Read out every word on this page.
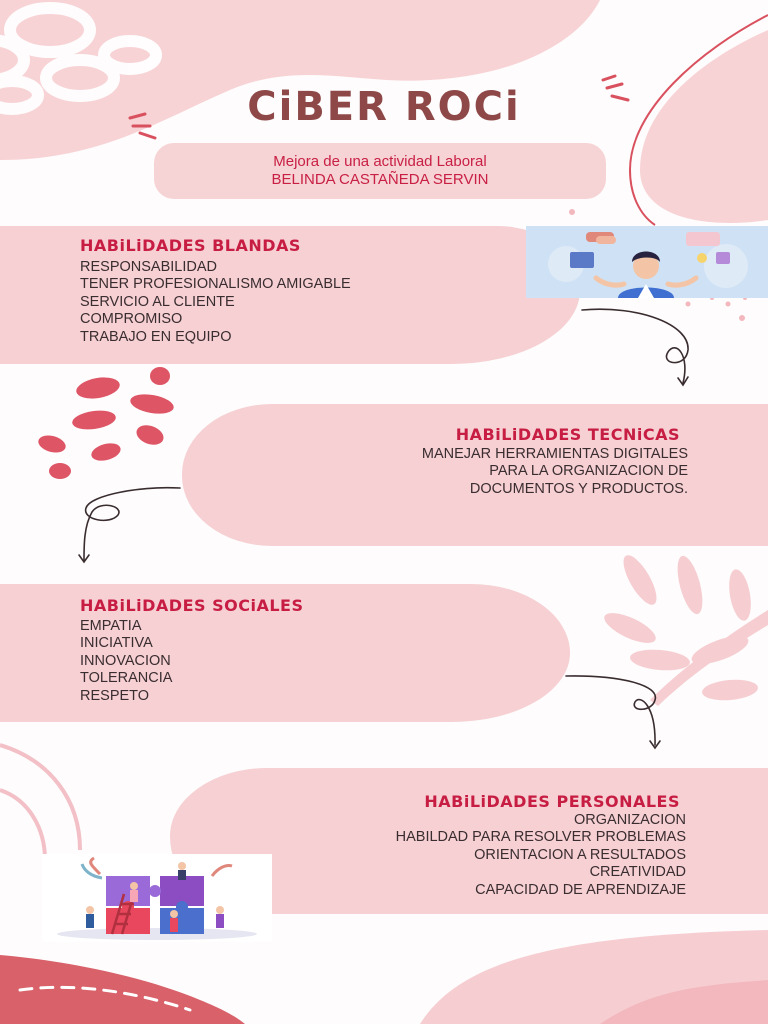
CiBER ROCi
Mejora de una actividad Laboral
BELINDA CASTAÑEDA SERVIN
HABiLiDADES BLANDAS
RESPONSABILIDAD
TENER PROFESIONALISMO AMIGABLE
SERVICIO AL CLIENTE
COMPROMISO
TRABAJO EN EQUIPO
HABiLiDADES TECNiCAS
MANEJAR HERRAMIENTAS DIGITALES
PARA LA ORGANIZACION DE
DOCUMENTOS Y PRODUCTOS.
HABiLiDADES SOCiALES
EMPATIA
INICIATIVA
INNOVACION
TOLERANCIA
RESPETO
HABiLiDADES PERSONALES
ORGANIZACION
HABILDAD PARA RESOLVER PROBLEMAS
ORIENTACION A RESULTADOS
CREATIVIDAD
CAPACIDAD DE APRENDIZAJE
